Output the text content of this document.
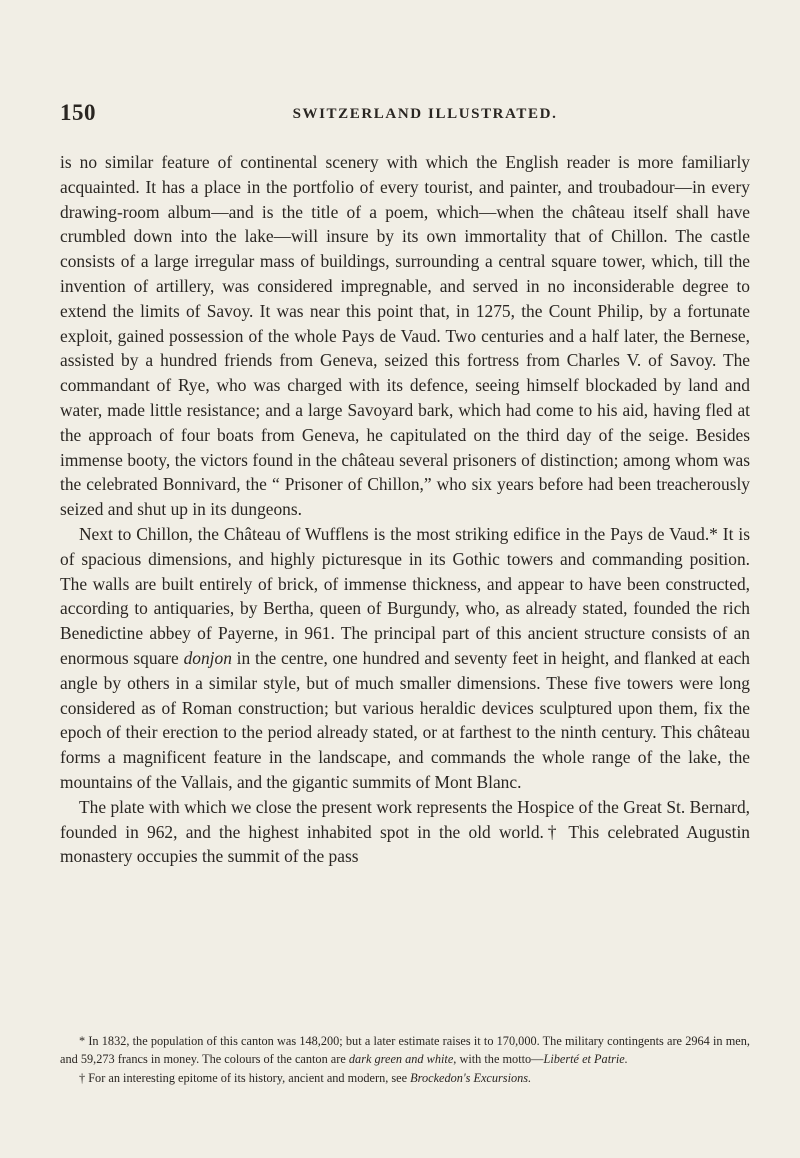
150	SWITZERLAND ILLUSTRATED.

is no similar feature of continental scenery with which the English reader is more familiarly acquainted. It has a place in the portfolio of every tourist, and painter, and troubadour—in every drawing-room album—and is the title of a poem, which—when the château itself shall have crumbled down into the lake—will insure by its own immortality that of Chillon. The castle consists of a large irregular mass of buildings, surrounding a central square tower, which, till the invention of artillery, was considered impregnable, and served in no inconsiderable degree to extend the limits of Savoy. It was near this point that, in 1275, the Count Philip, by a fortunate exploit, gained possession of the whole Pays de Vaud. Two centuries and a half later, the Bernese, assisted by a hundred friends from Geneva, seized this fortress from Charles V. of Savoy. The commandant of Rye, who was charged with its defence, seeing himself blockaded by land and water, made little resistance; and a large Savoyard bark, which had come to his aid, having fled at the approach of four boats from Geneva, he capitulated on the third day of the seige. Besides immense booty, the victors found in the château several prisoners of distinction; among whom was the celebrated Bonnivard, the “ Prisoner of Chillon,” who six years before had been treacherously seized and shut up in its dungeons.

Next to Chillon, the Château of Wufflens is the most striking edifice in the Pays de Vaud.* It is of spacious dimensions, and highly picturesque in its Gothic towers and commanding position. The walls are built entirely of brick, of immense thickness, and appear to have been constructed, according to antiquaries, by Bertha, queen of Burgundy, who, as already stated, founded the rich Benedictine abbey of Payerne, in 961. The principal part of this ancient structure consists of an enormous square donjon in the centre, one hundred and seventy feet in height, and flanked at each angle by others in a similar style, but of much smaller dimensions. These five towers were long considered as of Roman construction; but various heraldic devices sculptured upon them, fix the epoch of their erection to the period already stated, or at farthest to the ninth century. This château forms a magnificent feature in the landscape, and commands the whole range of the lake, the mountains of the Vallais, and the gigantic summits of Mont Blanc.

The plate with which we close the present work represents the Hospice of the Great St. Bernard, founded in 962, and the highest inhabited spot in the old world.† This celebrated Augustin monastery occupies the summit of the pass

* In 1832, the population of this canton was 148,200; but a later estimate raises it to 170,000. The military contingents are 2964 in men, and 59,273 francs in money. The colours of the canton are dark green and white, with the motto—Liberté et Patrie.

† For an interesting epitome of its history, ancient and modern, see Brockedon's Excursions.
